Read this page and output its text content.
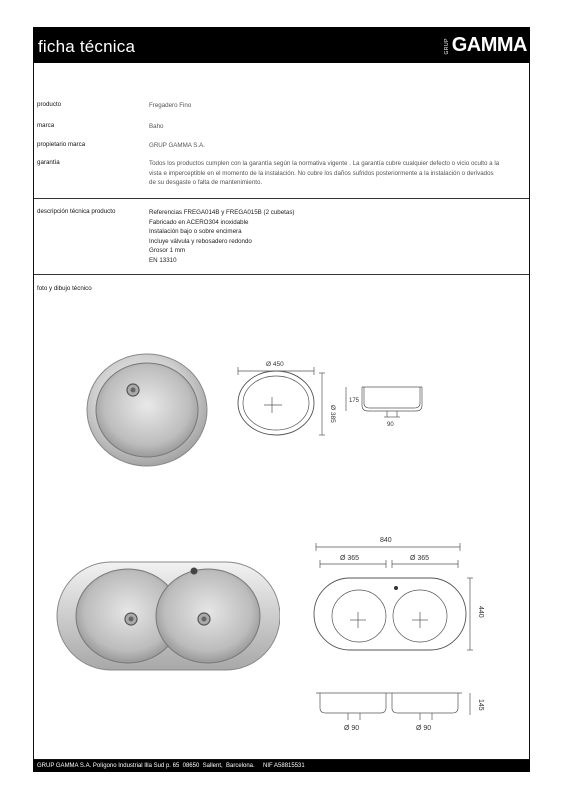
ficha técnica	GRUP GAMMA
producto	Fregadero Fino
marca	Baho
propietario marca	GRUP GAMMA S.A.
garantía	Todos los productos cumplen con la garantía según la normativa vigente . La garantía cubre cualquier defecto o vicio oculto a la
vista e imperceptible en el momento de la instalación. No cubre los daños sufridos posteriormente a la instalación o derivados
de su desgaste o falta de mantenimiento.
descripción técnica producto	Referencias FREGA014B y FREGA015B (2 cubetas)
Fabricado en ACERO304 inoxidable
Instalación bajo o sobre encimera
Incluye válvula y rebosadero redondo
Grosor 1 mm
EN 13310
foto y dibujo técnico
Ø 450
Ø 385
175
90
840
Ø 365	Ø 365
440
145
Ø 90	Ø 90
GRUP GAMMA S.A. Polígono Industrial Illa Sud p. 65  08650  Sallent,  Barcelona.     NIF A58815531
